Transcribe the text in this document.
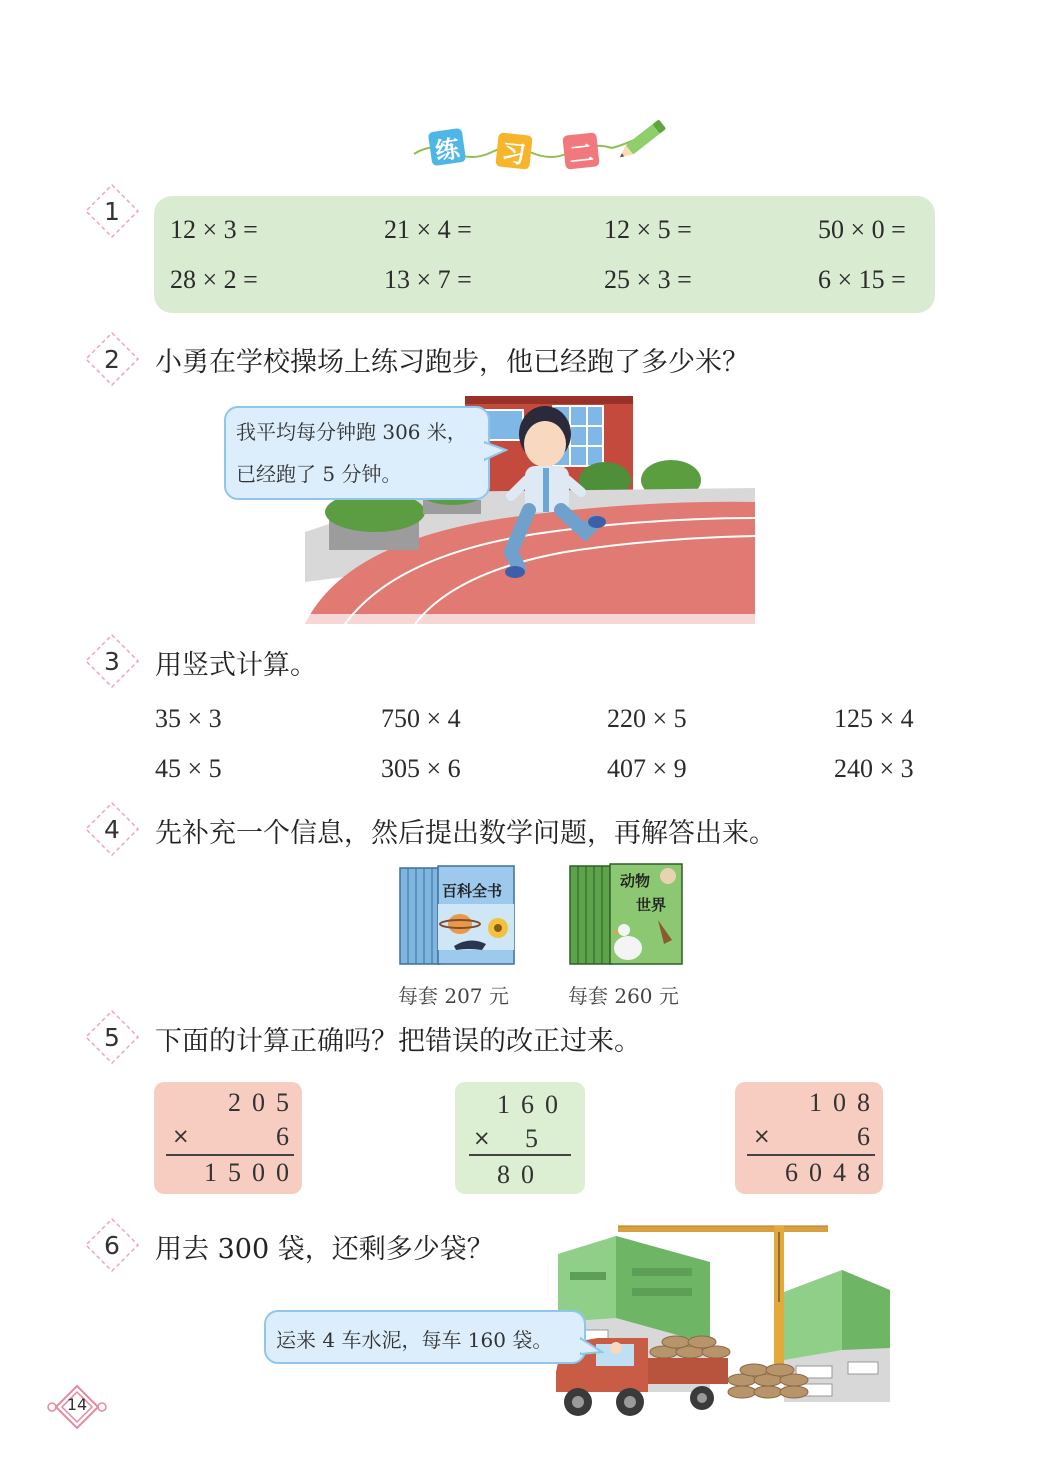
练 习 二
1
12 × 3 =	21 × 4 =	12 × 5 =	50 × 0 =
28 × 2 =	13 × 7 =	25 × 3 =	6 × 15 =
2	小勇在学校操场上练习跑步，他已经跑了多少米？
我平均每分钟跑 306 米，
已经跑了 5 分钟。
3	用竖式计算。
35 × 3	750 × 4	220 × 5	125 × 4
45 × 5	305 × 6	407 × 9	240 × 3
4	先补充一个信息，然后提出数学问题，再解答出来。
百科全书
每套 207 元
动物
世界
每套 260 元
5	下面的计算正确吗？把错误的改正过来。
205
×	6
1500
160
× 5
80
108
×	6
6048
6	用去 300 袋，还剩多少袋？
运来 4 车水泥，每车 160 袋。
14
